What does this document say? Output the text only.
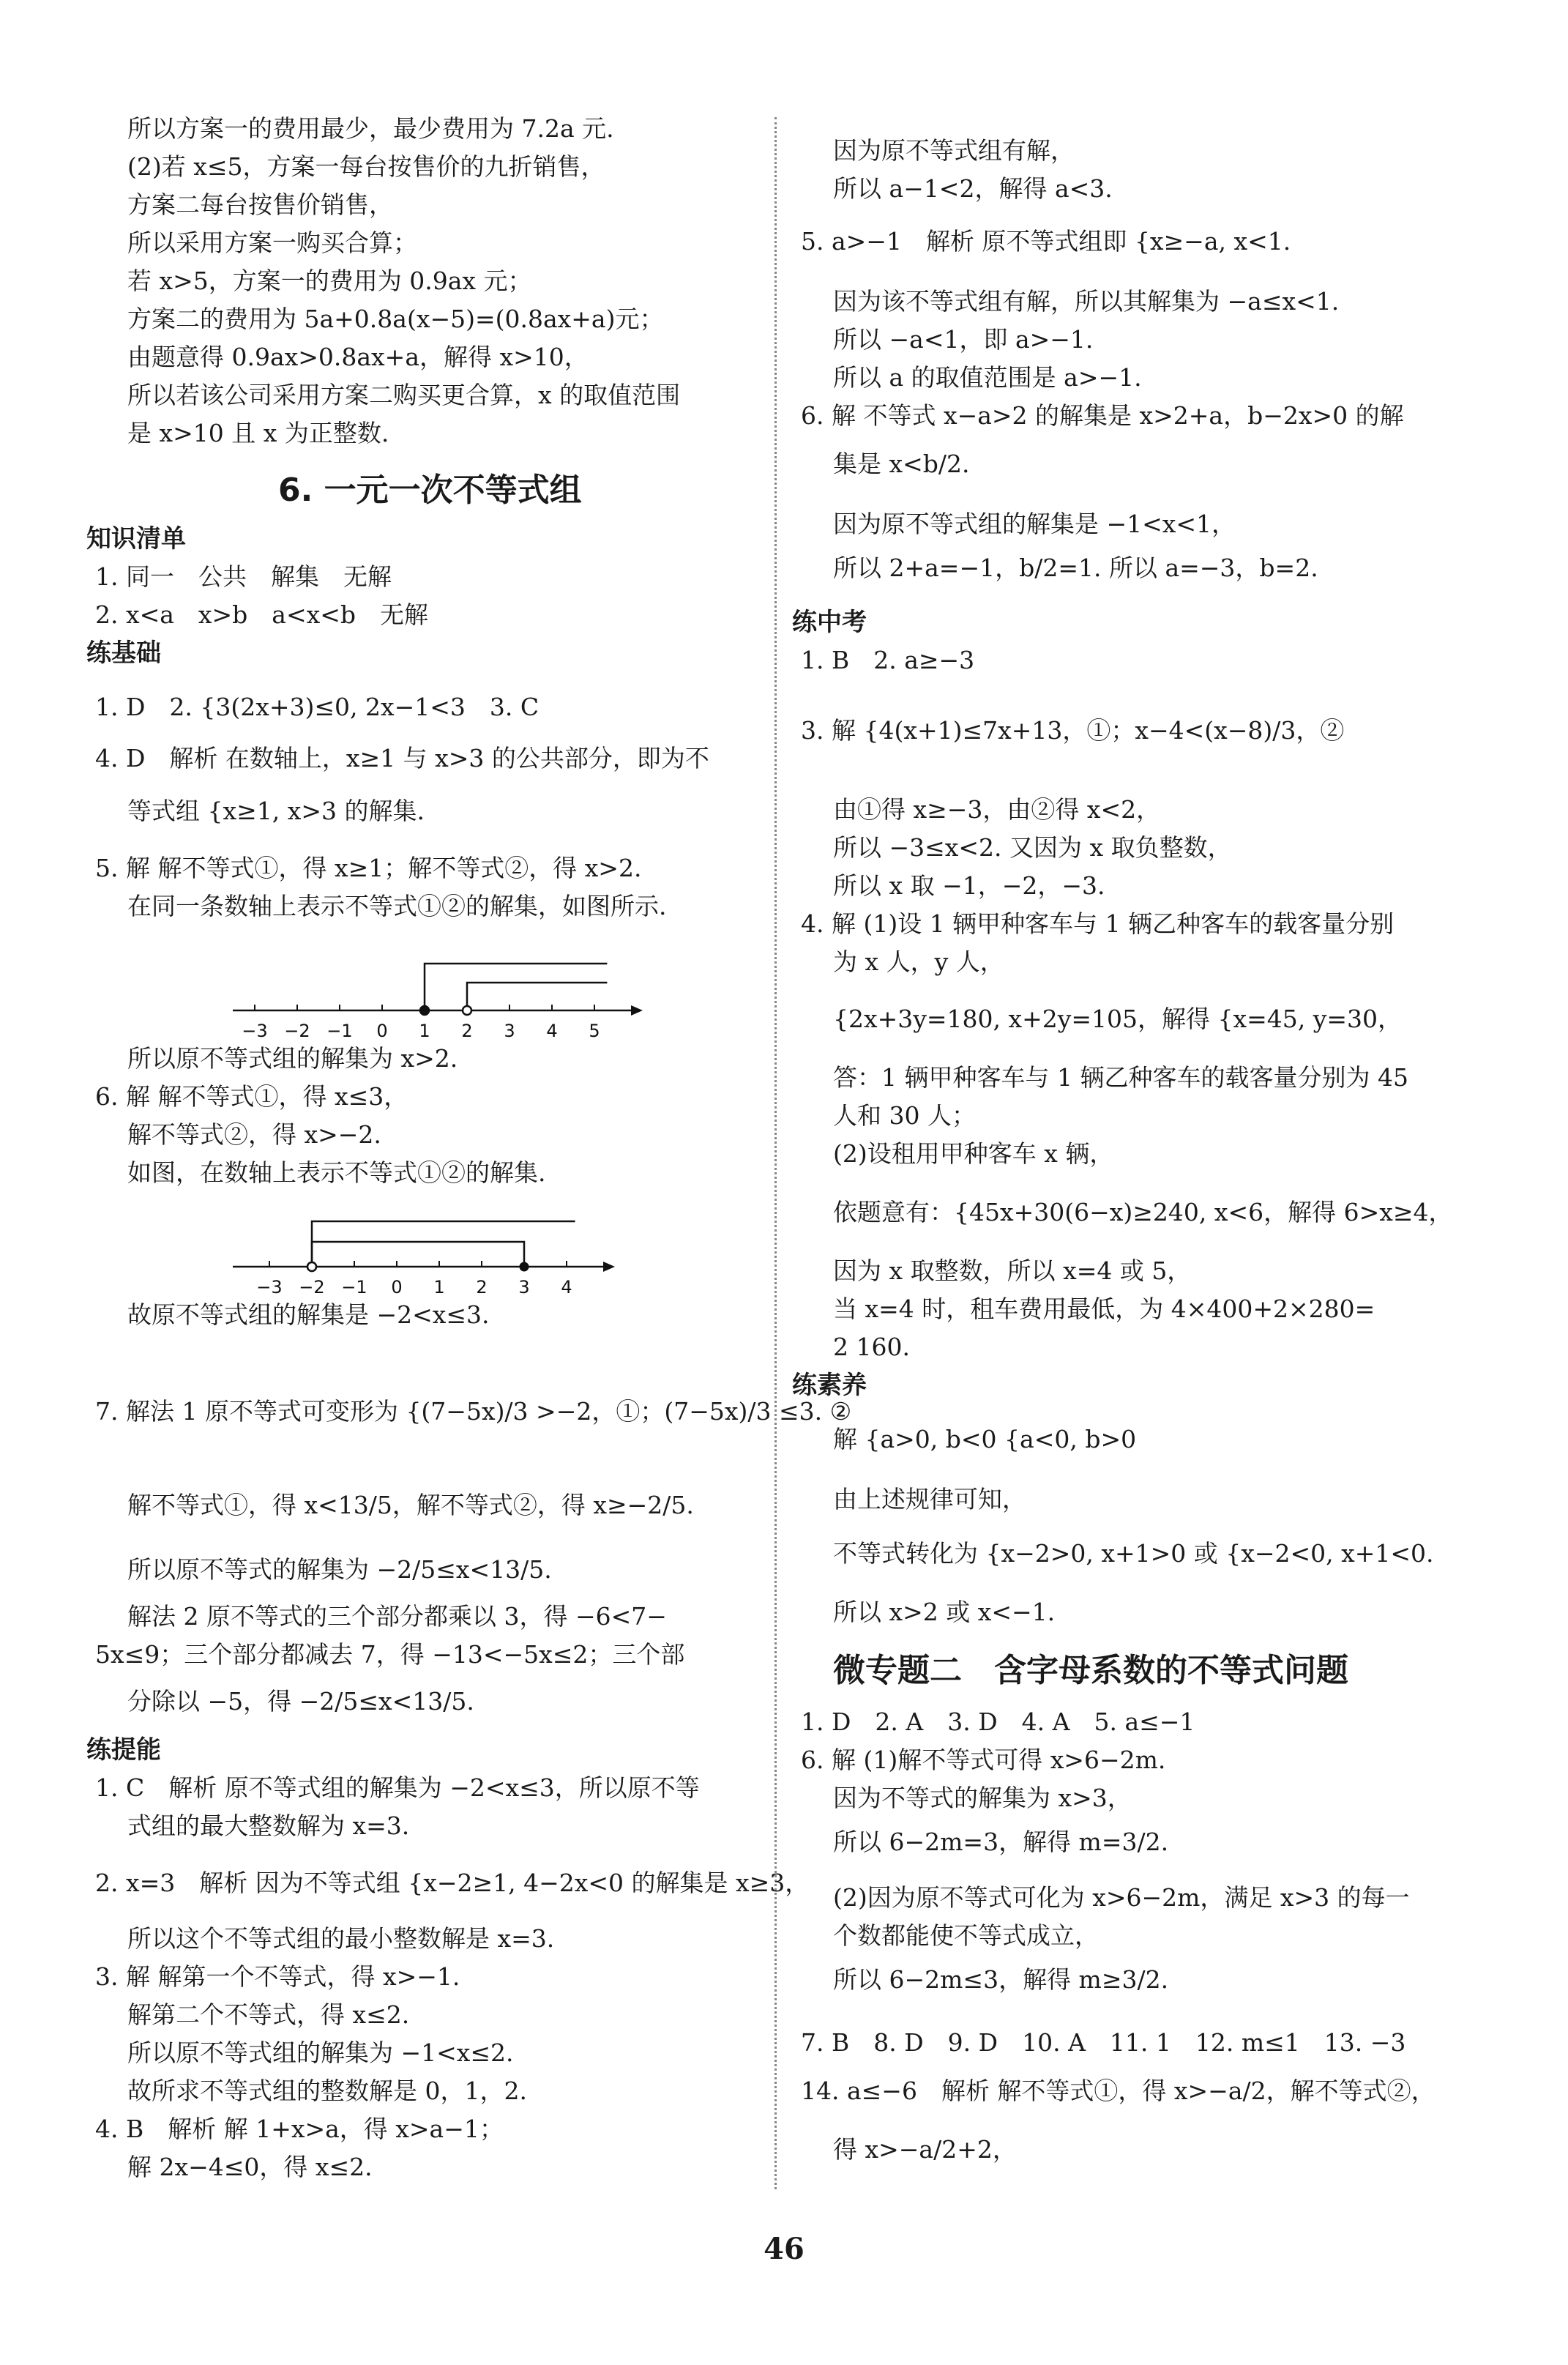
所以方案一的费用最少，最少费用为 7.2a 元.
(2)若 x≤5，方案一每台按售价的九折销售，
方案二每台按售价销售，
所以采用方案一购买合算；
若 x>5，方案一的费用为 0.9ax 元；
方案二的费用为 5a+0.8a(x−5)=(0.8ax+a)元；
由题意得 0.9ax>0.8ax+a，解得 x>10，
所以若该公司采用方案二购买更合算，x 的取值范围
是 x>10 且 x 为正整数.
6. 一元一次不等式组
知识清单
1. 同一　公共　解集　无解
2. x<a　x>b　a<x<b　无解
练基础
1. D　2. {3(2x+3)≤0, 2x−1<3　3. C
4. D　解析 在数轴上，x≥1 与 x>3 的公共部分，即为不
等式组 {x≥1, x>3 的解集.
5. 解 解不等式①，得 x≥1；解不等式②，得 x>2.
在同一条数轴上表示不等式①②的解集，如图所示.
所以原不等式组的解集为 x>2.
6. 解 解不等式①，得 x≤3，
解不等式②，得 x>−2.
如图，在数轴上表示不等式①②的解集.
故原不等式组的解集是 −2<x≤3.
7. 解法 1 原不等式可变形为 {(7−5x)/3 >−2，①；(7−5x)/3 ≤3. ②
解不等式①，得 x<13/5，解不等式②，得 x≥−2/5.
所以原不等式的解集为 −2/5≤x<13/5.
解法 2 原不等式的三个部分都乘以 3，得 −6<7−
5x≤9；三个部分都减去 7，得 −13<−5x≤2；三个部
分除以 −5，得 −2/5≤x<13/5.
练提能
1. C　解析 原不等式组的解集为 −2<x≤3，所以原不等
式组的最大整数解为 x=3.
2. x=3　解析 因为不等式组 {x−2≥1, 4−2x<0 的解集是 x≥3，
所以这个不等式组的最小整数解是 x=3.
3. 解 解第一个不等式，得 x>−1.
解第二个不等式，得 x≤2.
所以原不等式组的解集为 −1<x≤2.
故所求不等式组的整数解是 0，1，2.
4. B　解析 解 1+x>a，得 x>a−1；
解 2x−4≤0，得 x≤2.
−3 −2 −1 0 1 2 3 4 5
−3 −2 −1 0 1 2 3 4
因为原不等式组有解，
所以 a−1<2，解得 a<3.
5. a>−1　解析 原不等式组即 {x≥−a, x<1.
因为该不等式组有解，所以其解集为 −a≤x<1.
所以 −a<1，即 a>−1.
所以 a 的取值范围是 a>−1.
6. 解 不等式 x−a>2 的解集是 x>2+a，b−2x>0 的解
集是 x<b/2.
因为原不等式组的解集是 −1<x<1，
所以 2+a=−1，b/2=1. 所以 a=−3，b=2.
练中考
1. B　2. a≥−3
3. 解 {4(x+1)≤7x+13，①；x−4<(x−8)/3，②
由①得 x≥−3，由②得 x<2，
所以 −3≤x<2. 又因为 x 取负整数，
所以 x 取 −1，−2，−3.
4. 解 (1)设 1 辆甲种客车与 1 辆乙种客车的载客量分别
为 x 人，y 人，
{2x+3y=180, x+2y=105，解得 {x=45, y=30，
答：1 辆甲种客车与 1 辆乙种客车的载客量分别为 45
人和 30 人；
(2)设租用甲种客车 x 辆，
依题意有：{45x+30(6−x)≥240, x<6，解得 6>x≥4，
因为 x 取整数，所以 x=4 或 5，
当 x=4 时，租车费用最低，为 4×400+2×280=
2 160.
练素养
解 {a>0, b<0 {a<0, b>0
由上述规律可知，
不等式转化为 {x−2>0, x+1>0 或 {x−2<0, x+1<0.
所以 x>2 或 x<−1.
微专题二　含字母系数的不等式问题
1. D　2. A　3. D　4. A　5. a≤−1
6. 解 (1)解不等式可得 x>6−2m.
因为不等式的解集为 x>3，
所以 6−2m=3，解得 m=3/2.
(2)因为原不等式可化为 x>6−2m，满足 x>3 的每一
个数都能使不等式成立，
所以 6−2m≤3，解得 m≥3/2.
7. B　8. D　9. D　10. A　11. 1　12. m≤1　13. −3
14. a≤−6　解析 解不等式①，得 x>−a/2，解不等式②，
得 x>−a/2+2，
46
